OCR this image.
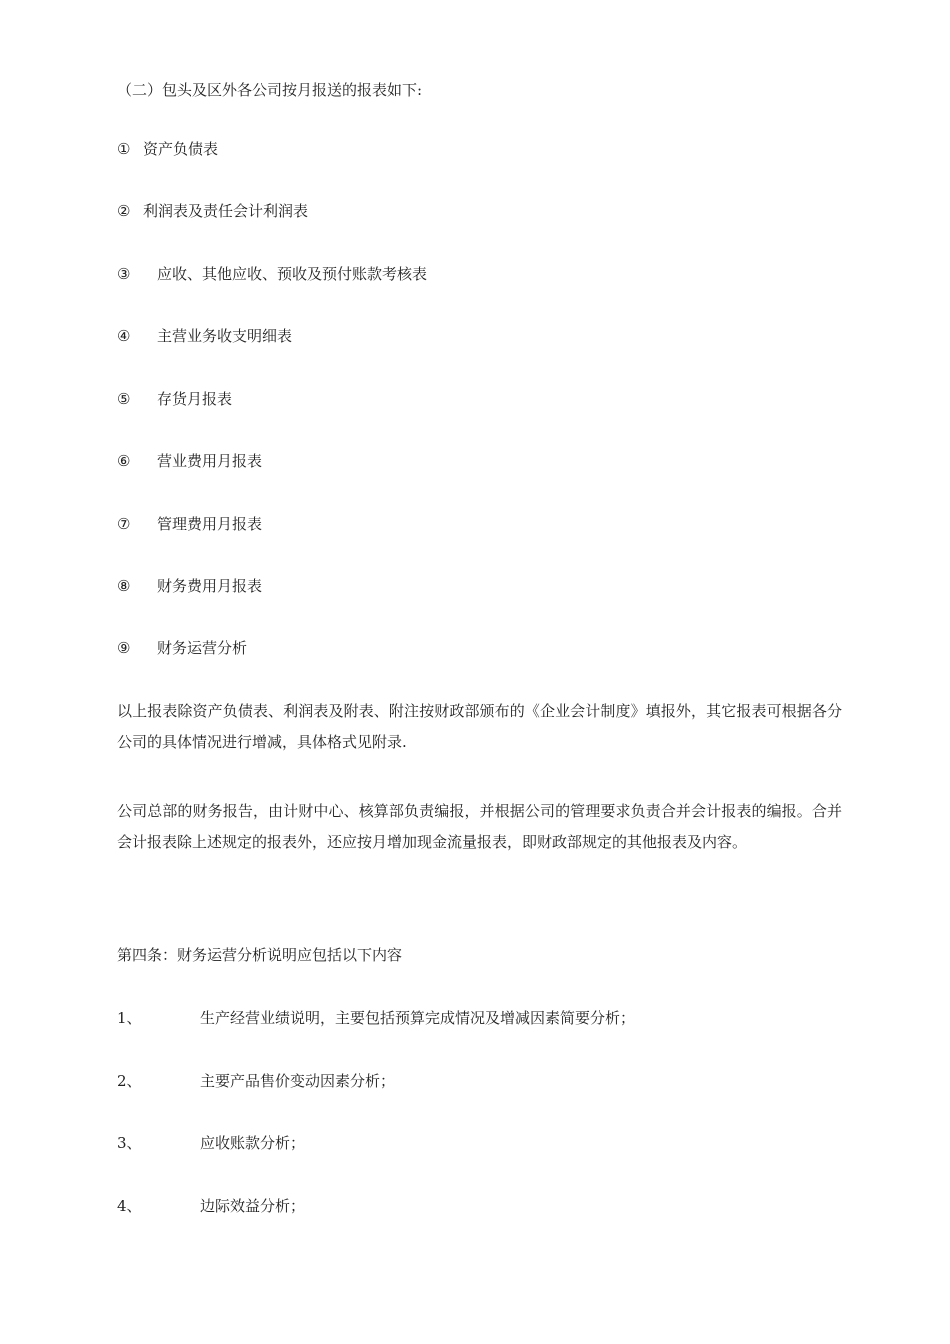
（二）包头及区外各公司按月报送的报表如下:
① 资产负债表
② 利润表及责任会计利润表
③ 应收、其他应收、预收及预付账款考核表
④ 主营业务收支明细表
⑤ 存货月报表
⑥ 营业费用月报表
⑦ 管理费用月报表
⑧ 财务费用月报表
⑨ 财务运营分析
以上报表除资产负债表、利润表及附表、附注按财政部颁布的《企业会计制度》填报外，其它报表可根据各分公司的具体情况进行增减，具体格式见附录.
公司总部的财务报告，由计财中心、核算部负责编报，并根据公司的管理要求负责合并会计报表的编报。合并会计报表除上述规定的报表外，还应按月增加现金流量报表，即财政部规定的其他报表及内容。
第四条：财务运营分析说明应包括以下内容
1、	生产经营业绩说明，主要包括预算完成情况及增减因素简要分析；
2、	主要产品售价变动因素分析；
3、	应收账款分析；
4、	边际效益分析；
